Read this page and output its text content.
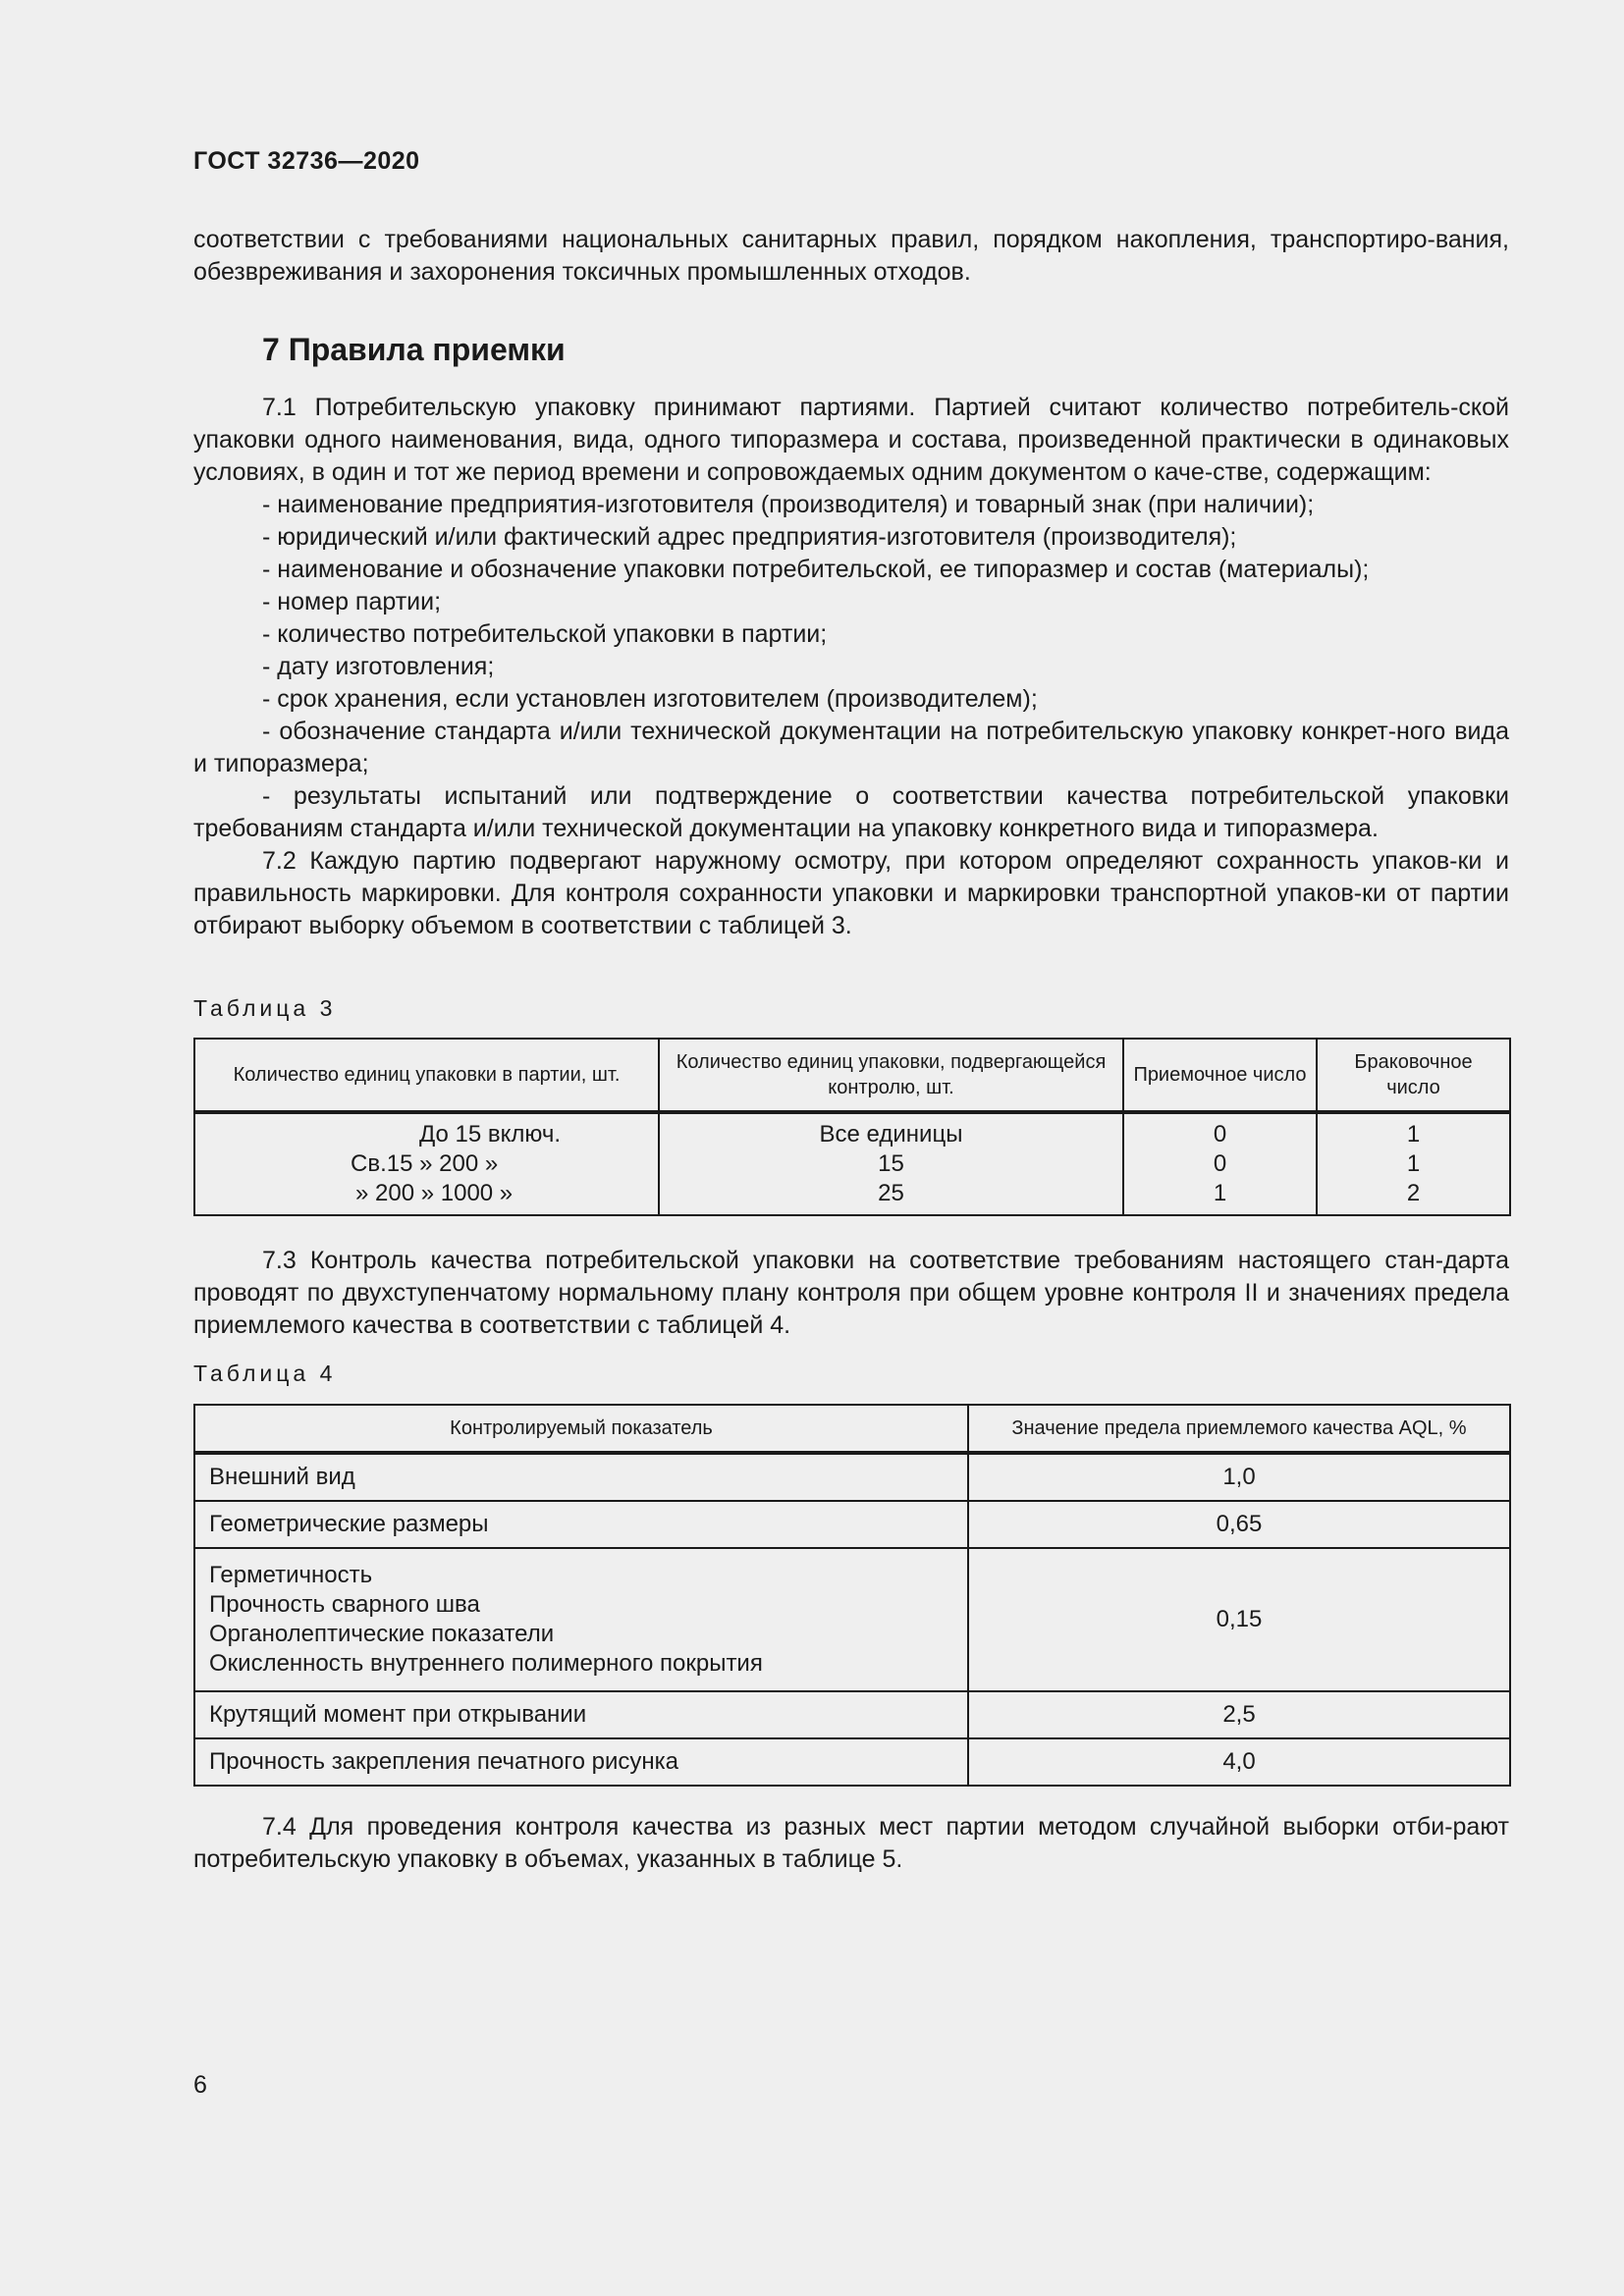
ГОСТ 32736—2020

соответствии с требованиями национальных санитарных правил, порядком накопления, транспортиро-вания, обезвреживания и захоронения токсичных промышленных отходов.

7 Правила приемки

7.1 Потребительскую упаковку принимают партиями. Партией считают количество потребитель-ской упаковки одного наименования, вида, одного типоразмера и состава, произведенной практически в одинаковых условиях, в один и тот же период времени и сопровождаемых одним документом о каче-стве, содержащим:

- наименование предприятия-изготовителя (производителя) и товарный знак (при наличии);

- юридический и/или фактический адрес предприятия-изготовителя (производителя);

- наименование и обозначение упаковки потребительской, ее типоразмер и состав (материалы);

- номер партии;

- количество потребительской упаковки в партии;

- дату изготовления;

- срок хранения, если установлен изготовителем (производителем);

- обозначение стандарта и/или технической документации на потребительскую упаковку конкрет-ного вида и типоразмера;

- результаты испытаний или подтверждение о соответствии качества потребительской упаковки требованиям стандарта и/или технической документации на упаковку конкретного вида и типоразмера.

7.2 Каждую партию подвергают наружному осмотру, при котором определяют сохранность упаков-ки и правильность маркировки. Для контроля сохранности упаковки и маркировки транспортной упаков-ки от партии отбирают выборку объемом в соответствии с таблицей 3.

Таблица 3
Количество единиц упаковки в партии, шт.	Количество единиц упаковки, подвергающейся контролю, шт.	Приемочное число	Браковочное число
До 15 включ.	Все единицы	0	1
Св.15 » 200 »	15	0	1
» 200 » 1000 »	25	1	2

7.3 Контроль качества потребительской упаковки на соответствие требованиям настоящего стан-дарта проводят по двухступенчатому нормальному плану контроля при общем уровне контроля II и значениях предела приемлемого качества в соответствии с таблицей 4.

Таблица 4
Контролируемый показатель	Значение предела приемлемого качества AQL, %
Внешний вид	1,0
Геометрические размеры	0,65

Герметичность
Прочность сварного шва
Органолептические показатели
Окисленность внутреннего полимерного покрытия	0,15
Крутящий момент при открывании	2,5
Прочность закрепления печатного рисунка	4,0

7.4 Для проведения контроля качества из разных мест партии методом случайной выборки отби-рают потребительскую упаковку в объемах, указанных в таблице 5.

6
